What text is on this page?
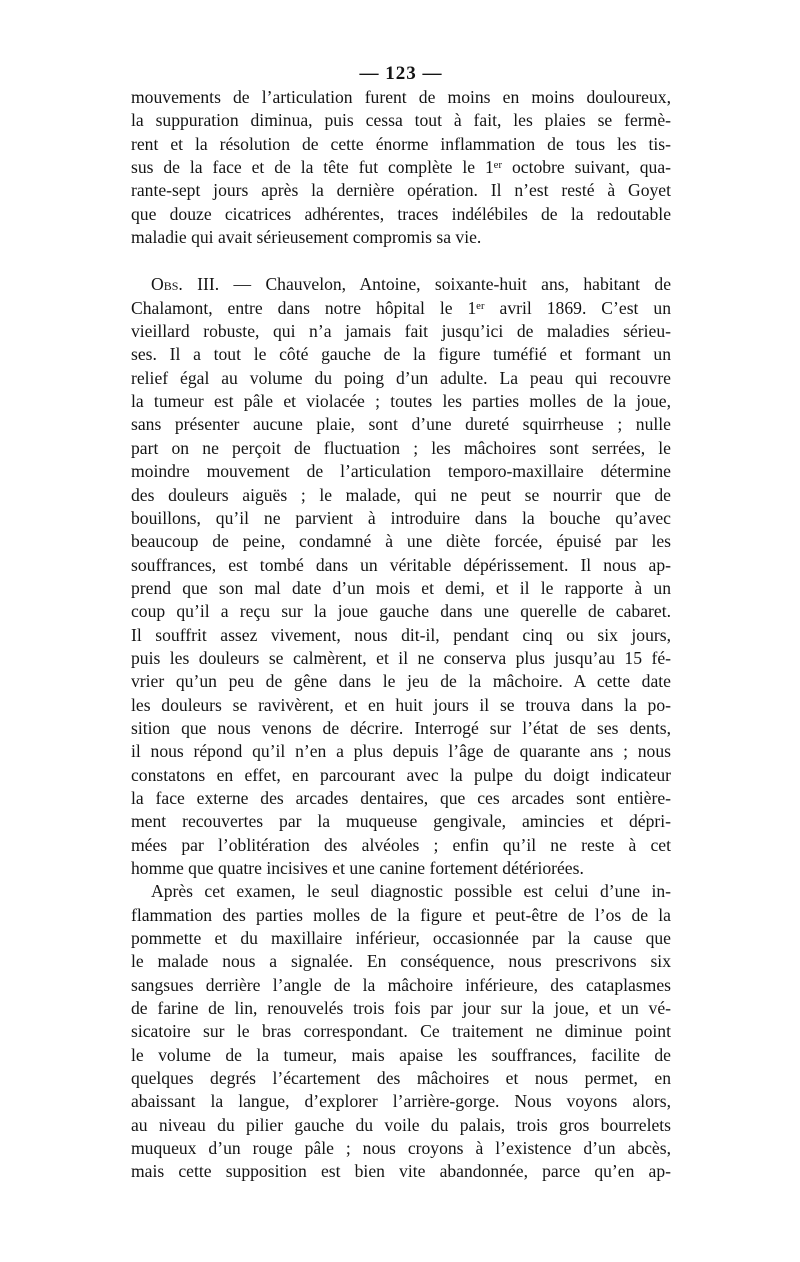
— 123 —
mouvements de l’articulation furent de moins en moins douloureux,
la suppuration diminua, puis cessa tout à fait, les plaies se fermè-
rent et la résolution de cette énorme inflammation de tous les tis-
sus de la face et de la tête fut complète le 1ᵉʳ octobre suivant, qua-
rante-sept jours après la dernière opération. Il n’est resté à Goyet
que douze cicatrices adhérentes, traces indélébiles de la redoutable
maladie qui avait sérieusement compromis sa vie.
Obs. III. — Chauvelon, Antoine, soixante-huit ans, habitant de
Chalamont, entre dans notre hôpital le 1ᵉʳ avril 1869. C’est un
vieillard robuste, qui n’a jamais fait jusqu’ici de maladies sérieu-
ses. Il a tout le côté gauche de la figure tuméfié et formant un
relief égal au volume du poing d’un adulte. La peau qui recouvre
la tumeur est pâle et violacée ; toutes les parties molles de la joue,
sans présenter aucune plaie, sont d’une dureté squirrheuse ; nulle
part on ne perçoit de fluctuation ; les mâchoires sont serrées, le
moindre mouvement de l’articulation temporo-maxillaire détermine
des douleurs aiguës ; le malade, qui ne peut se nourrir que de
bouillons, qu’il ne parvient à introduire dans la bouche qu’avec
beaucoup de peine, condamné à une diète forcée, épuisé par les
souffrances, est tombé dans un véritable dépérissement. Il nous ap-
prend que son mal date d’un mois et demi, et il le rapporte à un
coup qu’il a reçu sur la joue gauche dans une querelle de cabaret.
Il souffrit assez vivement, nous dit-il, pendant cinq ou six jours,
puis les douleurs se calmèrent, et il ne conserva plus jusqu’au 15 fé-
vrier qu’un peu de gêne dans le jeu de la mâchoire. A cette date
les douleurs se ravivèrent, et en huit jours il se trouva dans la po-
sition que nous venons de décrire. Interrogé sur l’état de ses dents,
il nous répond qu’il n’en a plus depuis l’âge de quarante ans ; nous
constatons en effet, en parcourant avec la pulpe du doigt indicateur
la face externe des arcades dentaires, que ces arcades sont entière-
ment recouvertes par la muqueuse gengivale, amincies et dépri-
mées par l’oblitération des alvéoles ; enfin qu’il ne reste à cet
homme que quatre incisives et une canine fortement détériorées.
Après cet examen, le seul diagnostic possible est celui d’une in-
flammation des parties molles de la figure et peut-être de l’os de la
pommette et du maxillaire inférieur, occasionnée par la cause que
le malade nous a signalée. En conséquence, nous prescrivons six
sangsues derrière l’angle de la mâchoire inférieure, des cataplasmes
de farine de lin, renouvelés trois fois par jour sur la joue, et un vé-
sicatoire sur le bras correspondant. Ce traitement ne diminue point
le volume de la tumeur, mais apaise les souffrances, facilite de
quelques degrés l’écartement des mâchoires et nous permet, en
abaissant la langue, d’explorer l’arrière-gorge. Nous voyons alors,
au niveau du pilier gauche du voile du palais, trois gros bourrelets
muqueux d’un rouge pâle ; nous croyons à l’existence d’un abcès,
mais cette supposition est bien vite abandonnée, parce qu’en ap-
